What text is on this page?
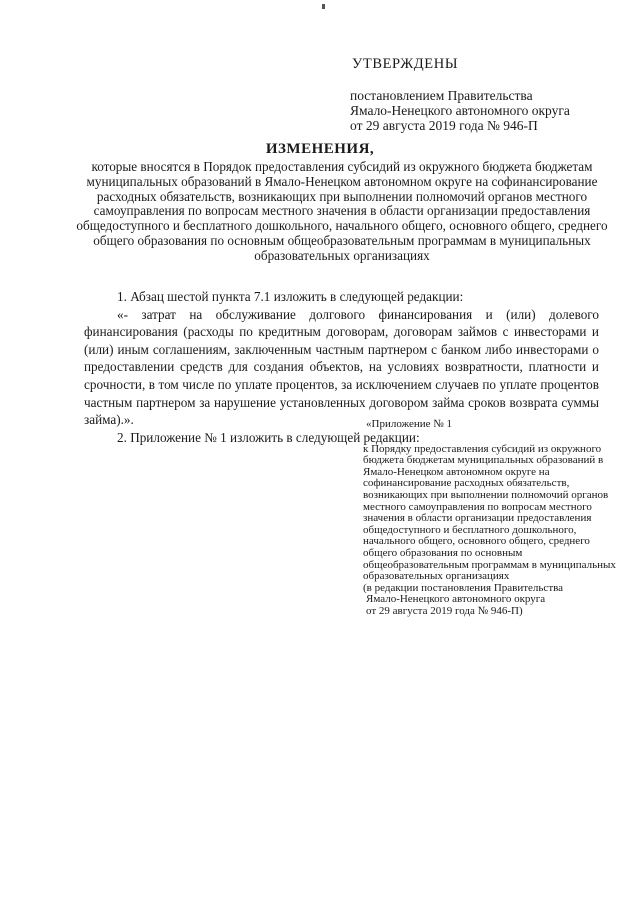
УТВЕРЖДЕНЫ
постановлением Правительства
Ямало-Ненецкого автономного округа
от 29 августа 2019 года № 946-П
ИЗМЕНЕНИЯ,
которые вносятся в Порядок предоставления субсидий из окружного бюджета бюджетам муниципальных образований в Ямало-Ненецком автономном округе на софинансирование расходных обязательств, возникающих при выполнении полномочий органов местного самоуправления по вопросам местного значения в области организации предоставления общедоступного и бесплатного дошкольного, начального общего, основного общего, среднего общего образования по основным общеобразовательным программам в муниципальных образовательных организациях

1. Абзац шестой пункта 7.1 изложить в следующей редакции:

«- затрат на обслуживание долгового финансирования и (или) долевого финансирования (расходы по кредитным договорам, договорам займов с инвесторами и (или) иным соглашениям, заключенным частным партнером с банком либо инвесторами о предоставлении средств для создания объектов, на условиях возвратности, платности и срочности, в том числе по уплате процентов, за исключением случаев по уплате процентов частным партнером за нарушение установленных договором займа сроков возврата суммы займа).».

2. Приложение № 1 изложить в следующей редакции:

«Приложение № 1

к Порядку предоставления субсидий из окружного бюджета бюджетам муниципальных образований в Ямало-Ненецком автономном округе на софинансирование расходных обязательств, возникающих при выполнении полномочий органов местного самоуправления по вопросам местного значения в области организации предоставления общедоступного и бесплатного дошкольного, начального общего, основного общего, среднего общего образования по основным общеобразовательным программам в муниципальных образовательных организациях

(в редакции постановления Правительства
Ямало-Ненецкого автономного округа
от 29 августа 2019 года № 946-П)
